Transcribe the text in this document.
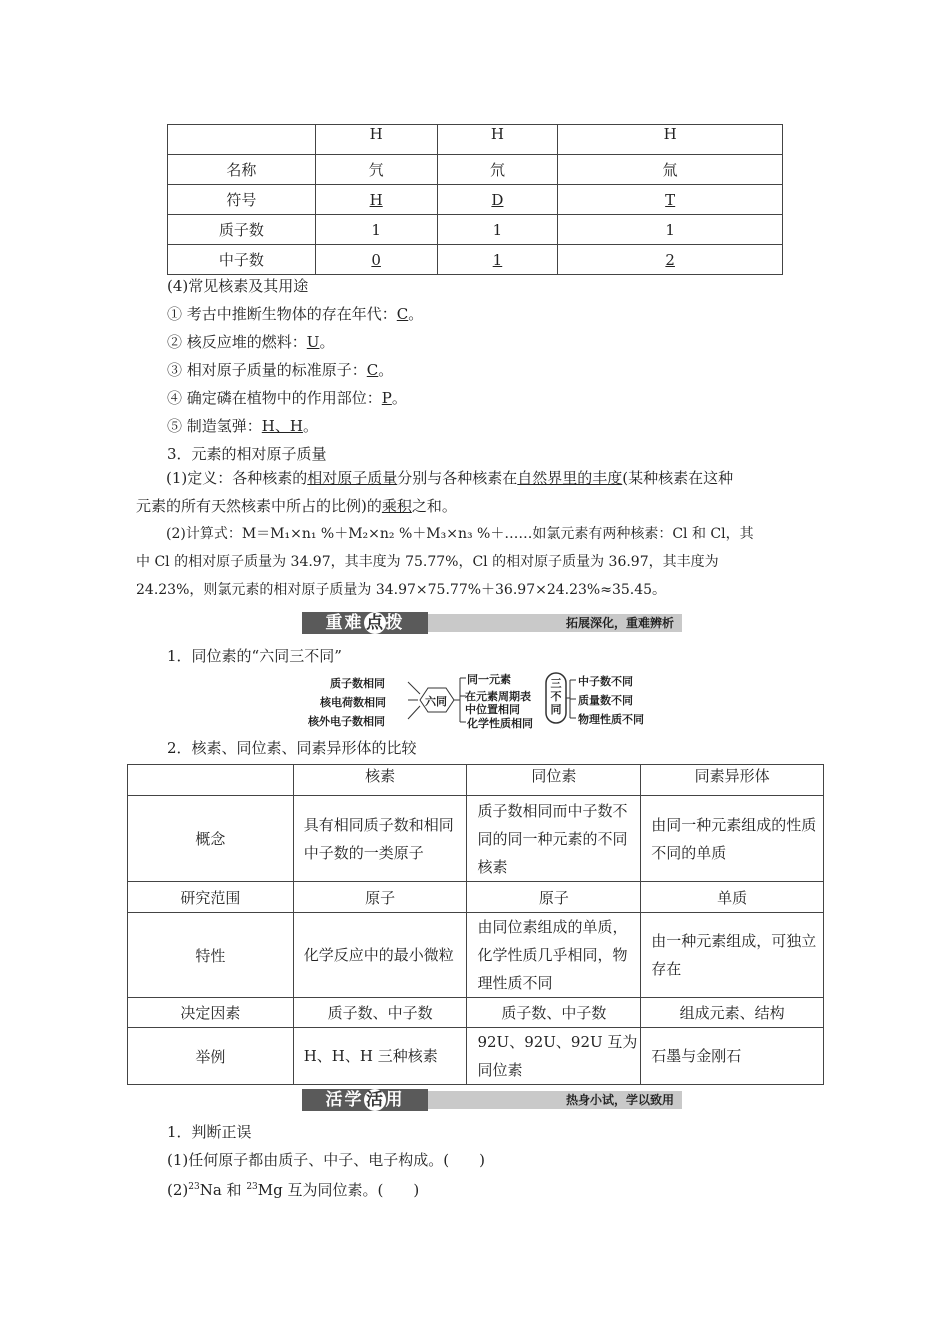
	H	H	H
名称	氕	氘	氚
符号	H	D	T
质子数	1	1	1
中子数	0	1	2
(4)常见核素及其用途
① 考古中推断生物体的存在年代：C。
② 核反应堆的燃料：U。
③ 相对原子质量的标准原子：C。
④ 确定磷在植物中的作用部位：P。
⑤ 制造氢弹：H、H。
3．元素的相对原子质量
(1)定义：各种核素的相对原子质量分别与各种核素在自然界里的丰度(某种核素在这种
元素的所有天然核素中所占的比例)的乘积之和。
(2)计算式：M＝M₁×n₁ %＋M₂×n₂ %＋M₃×n₃ %＋……如氯元素有两种核素：Cl 和 Cl，其
中 Cl 的相对原子质量为 34.97，其丰度为 75.77%，Cl 的相对原子质量为 36.97，其丰度为
24.23%，则氯元素的相对原子质量为 34.97×75.77%＋36.97×24.23%≈35.45。
重难 点 拨	拓展深化，重难辨析
1．同位素的“六同三不同”
质子数相同
核电荷数相同
核外电子数相同
六同
同一元素
在元素周期表
中位置相同
化学性质相同
三不同
中子数不同
质量数不同
物理性质不同
2．核素、同位素、同素异形体的比较
	核素	同位素	同素异形体
概念	具有相同质子数和相同中子数的一类原子	质子数相同而中子数不同的同一种元素的不同核素	由同一种元素组成的性质不同的单质
研究范围	原子	原子	单质
特性	化学反应中的最小微粒	由同位素组成的单质，化学性质几乎相同，物理性质不同	由一种元素组成，可独立存在
决定因素	质子数、中子数	质子数、中子数	组成元素、结构
举例	H、H、H 三种核素	92U、92U、92U 互为同位素	石墨与金刚石
活学 活 用	热身小试，学以致用
1．判断正误
(1)任何原子都由质子、中子、电子构成。(　　)
$(2)^{23}Na$ 和 $^{23}$Mg 互为同位素。(　　)
